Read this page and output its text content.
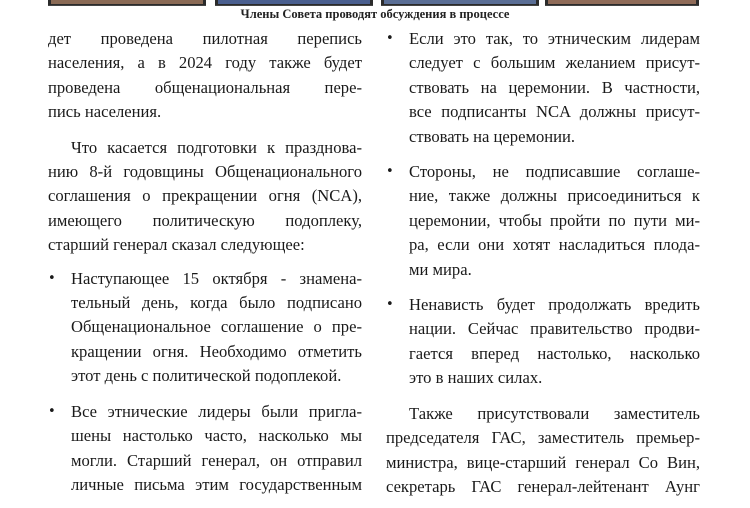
Члены Совета проводят обсуждения в процессе

дет проведена пилотная перепись
населения, а в 2024 году также будет
проведена общенациональная пере-
пись населения.

Что касается подготовки к празднова-
нию 8-й годовщины Общенационального
соглашения о прекращении огня (NCA),
имеющего политическую подоплеку,
старший генерал сказал следующее:

• Наступающее 15 октября - знамена-
тельный день, когда было подписано
Общенациональное соглашение о пре-
кращении огня. Необходимо отметить
этот день с политической подоплекой.
• Все этнические лидеры были пригла-
шены настолько часто, насколько мы
могли. Старший генерал, он отправил
личные письма этим государственным
• Если это так, то этническим лидерам
следует с большим желанием присут-
ствовать на церемонии. В частности,
все подписанты NCA должны присут-
ствовать на церемонии.
• Стороны, не подписавшие соглаше-
ние, также должны присоединиться к
церемонии, чтобы пройти по пути ми-
ра, если они хотят насладиться плода-
ми мира.
• Ненависть будет продолжать вредить
нации. Сейчас правительство продви-
гается вперед настолько, насколько
это в наших силах.

Также присутствовали заместитель
председателя ГАС, заместитель премьер-
министра, вице-старший генерал Со Вин,
секретарь ГАС генерал-лейтенант Аунг
